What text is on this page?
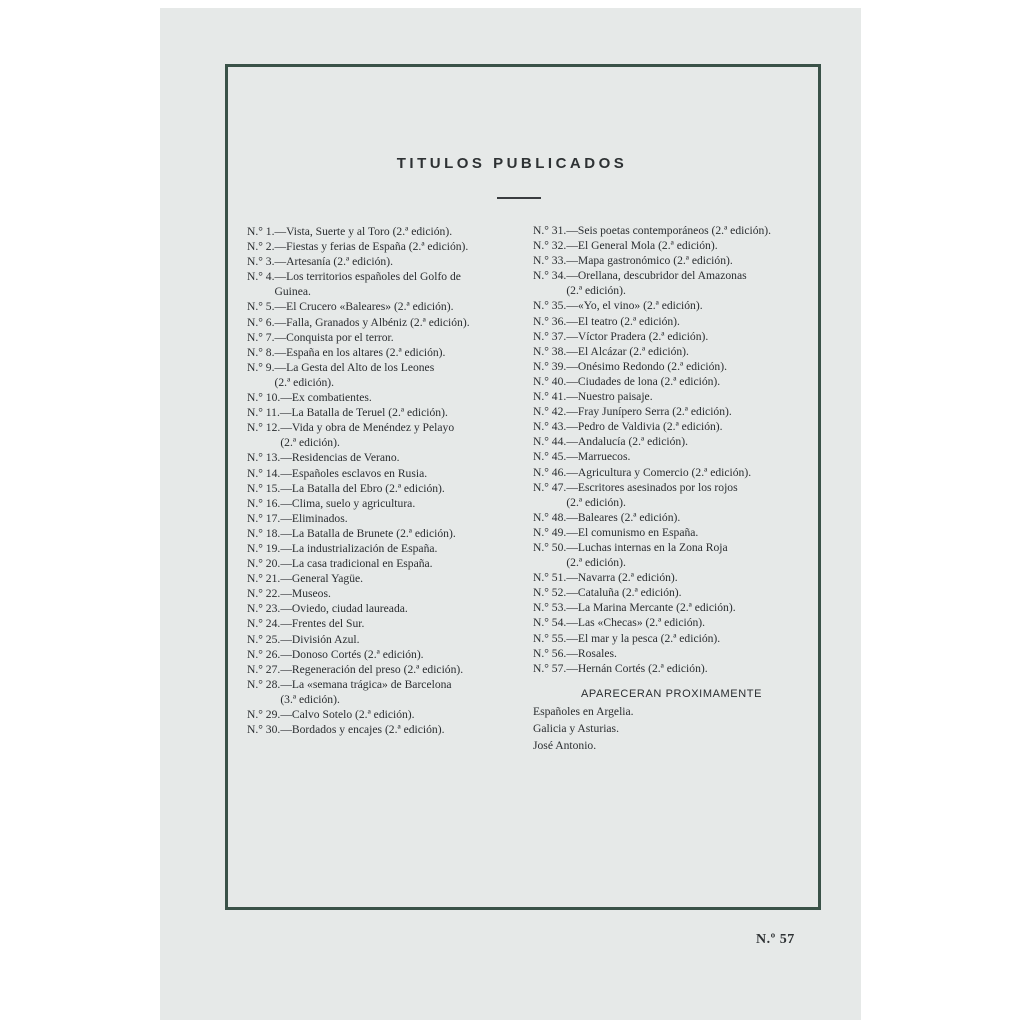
TITULOS PUBLICADOS
N.° 1. —Vista, Suerte y al Toro (2.ª edición).
N.° 2. —Fiestas y ferias de España (2.ª edición).
N.° 3. —Artesanía (2.ª edición).
N.° 4. —Los territorios españoles del Golfo de
Guinea.
N.° 5. —El Crucero «Baleares» (2.ª edición).
N.° 6. —Falla, Granados y Albéniz (2.ª edición).
N.° 7. —Conquista por el terror.
N.° 8. —España en los altares (2.ª edición).
N.° 9. —La Gesta del Alto de los Leones
(2.ª edición).
N.° 10. —Ex combatientes.
N.° 11. —La Batalla de Teruel (2.ª edición).
N.° 12. —Vida y obra de Menéndez y Pelayo
(2.ª edición).
N.° 13. —Residencias de Verano.
N.° 14. —Españoles esclavos en Rusia.
N.° 15. —La Batalla del Ebro (2.ª edición).
N.° 16. —Clima, suelo y agricultura.
N.° 17. —Eliminados.
N.° 18. —La Batalla de Brunete (2.ª edición).
N.° 19. —La industrialización de España.
N.° 20. —La casa tradicional en España.
N.° 21. —General Yagüe.
N.° 22. —Museos.
N.° 23. —Oviedo, ciudad laureada.
N.° 24. —Frentes del Sur.
N.° 25. —División Azul.
N.° 26. —Donoso Cortés (2.ª edición).
N.° 27. —Regeneración del preso (2.ª edición).
N.° 28. —La «semana trágica» de Barcelona
(3.ª edición).
N.° 29. —Calvo Sotelo (2.ª edición).
N.° 30. —Bordados y encajes (2.ª edición).
N.° 31. —Seis poetas contemporáneos (2.ª edición).
N.° 32. —El General Mola (2.ª edición).
N.° 33. —Mapa gastronómico (2.ª edición).
N.° 34. —Orellana, descubridor del Amazonas
(2.ª edición).
N.° 35. —«Yo, el vino» (2.ª edición).
N.° 36. —El teatro (2.ª edición).
N.° 37. —Víctor Pradera (2.ª edición).
N.° 38. —El Alcázar (2.ª edición).
N.° 39. —Onésimo Redondo (2.ª edición).
N.° 40. —Ciudades de lona (2.ª edición).
N.° 41. —Nuestro paisaje.
N.° 42. —Fray Junípero Serra (2.ª edición).
N.° 43. —Pedro de Valdivia (2.ª edición).
N.° 44. —Andalucía (2.ª edición).
N.° 45. —Marruecos.
N.° 46. —Agricultura y Comercio (2.ª edición).
N.° 47. —Escritores asesinados por los rojos
(2.ª edición).
N.° 48. —Baleares (2.ª edición).
N.° 49. —El comunismo en España.
N.° 50. —Luchas internas en la Zona Roja
(2.ª edición).
N.° 51. —Navarra (2.ª edición).
N.° 52. —Cataluña (2.ª edición).
N.° 53. —La Marina Mercante (2.ª edición).
N.° 54. —Las «Checas» (2.ª edición).
N.° 55. —El mar y la pesca (2.ª edición).
N.° 56. —Rosales.
N.° 57. —Hernán Cortés (2.ª edición).
APARECERAN PROXIMAMENTE
Españoles en Argelia.
Galicia y Asturias.
José Antonio.
N.º 57
